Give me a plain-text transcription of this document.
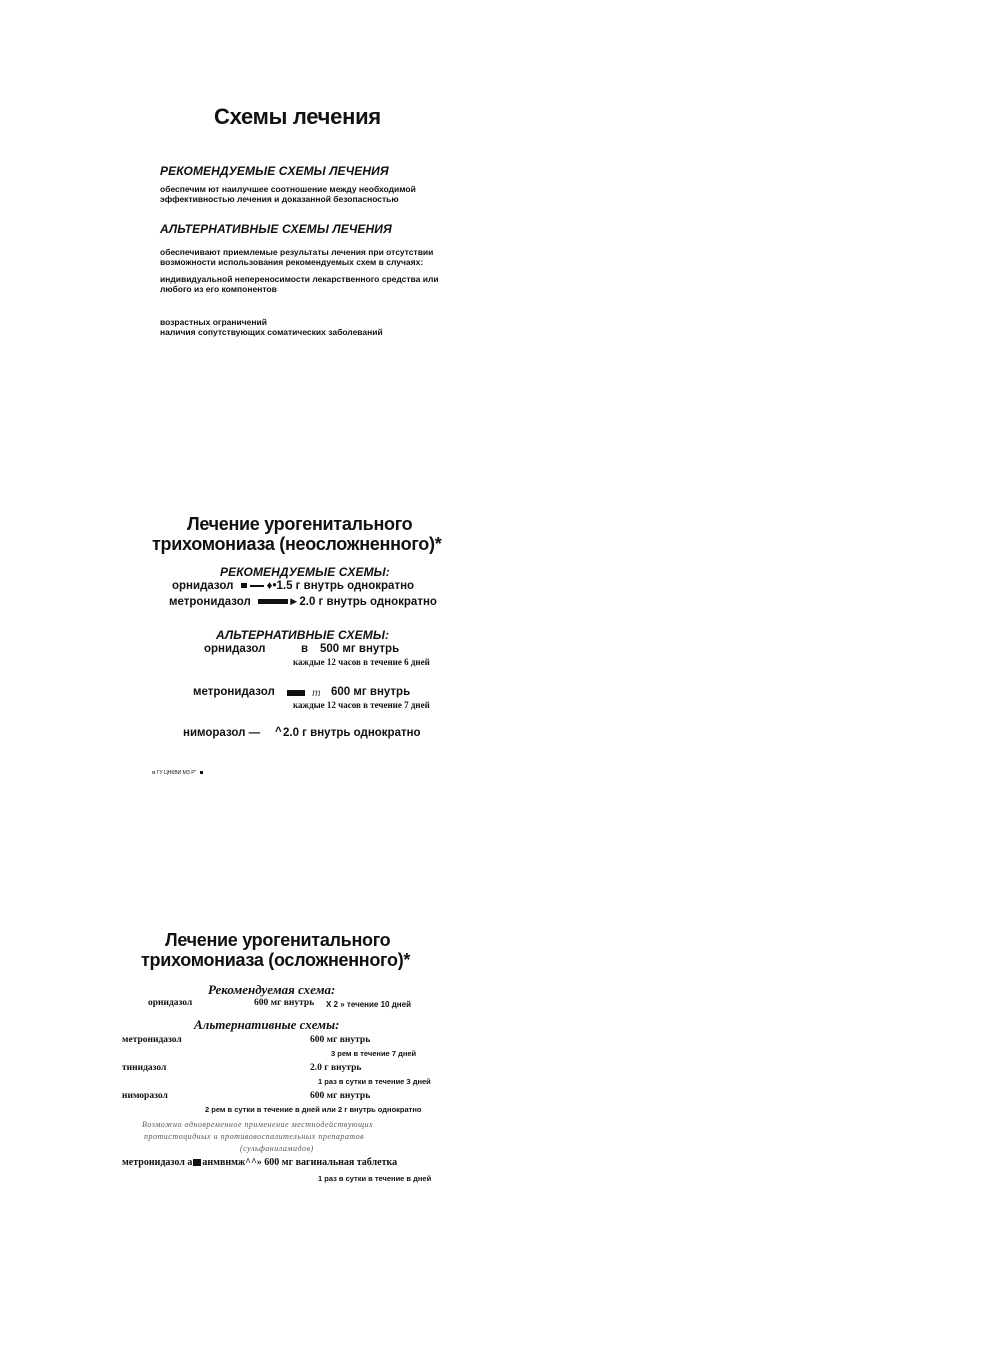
Схемы лечения
РЕКОМЕНДУЕМЫЕ СХЕМЫ ЛЕЧЕНИЯ
обеспечим ют наилучшее соотношение между необходимой
эффективностью лечения и доказанной безопасностью
АЛЬТЕРНАТИВНЫЕ СХЕМЫ ЛЕЧЕНИЯ
обеспечивают приемлемые результаты лечения при отсутствии
возможности использования рекомендуемых схем в случаях:
индивидуальной непереносимости лекарственного средства или
любого из его компонентов
возрастных ограничений
наличия сопутствующих соматических заболеваний
Лечение урогенитального
трихомониаза (неосложненного)*
РЕКОМЕНДУЕМЫЕ СХЕМЫ:
орнидазол	♦•1.5 г внутрь однократно
метронидазол	►2.0 г внутрь однократно
АЛЬТЕРНАТИВНЫЕ СХЕМЫ:
орнидазол	в 500 мг внутрь
каждые 12 часов в течение 6 дней
метронидазол	т 600 мг внутрь
каждые 12 часов в течение 7 дней
ниморазол — ^ 2.0 г внутрь однократно
м ГУ ЦНКВИ МЗ Р"
Лечение урогенитального
трихомониаза (осложненного)*
Рекомендуемая схема:
орнидазол	600 мг внутрь Х 2 » течение 10 дней
Альтернативные схемы:
метронидазол	600 мг внутрь
3 рем в течение 7 дней
тинидазол	2.0 г внутрь
1 раз в сутки в течение 3 дней
ниморазол	600 мг внутрь
2 рем в сутки в течение в дней или 2 г внутрь однократно
Возможно одновременное применение местнодействующих
протистоцидных и противовоспалительных препаратов
(сульфаниламидов)
метронидазол а анмвнмж^^» 600 мг вагинальная таблетка
1 раз в сутки в течение в дней
